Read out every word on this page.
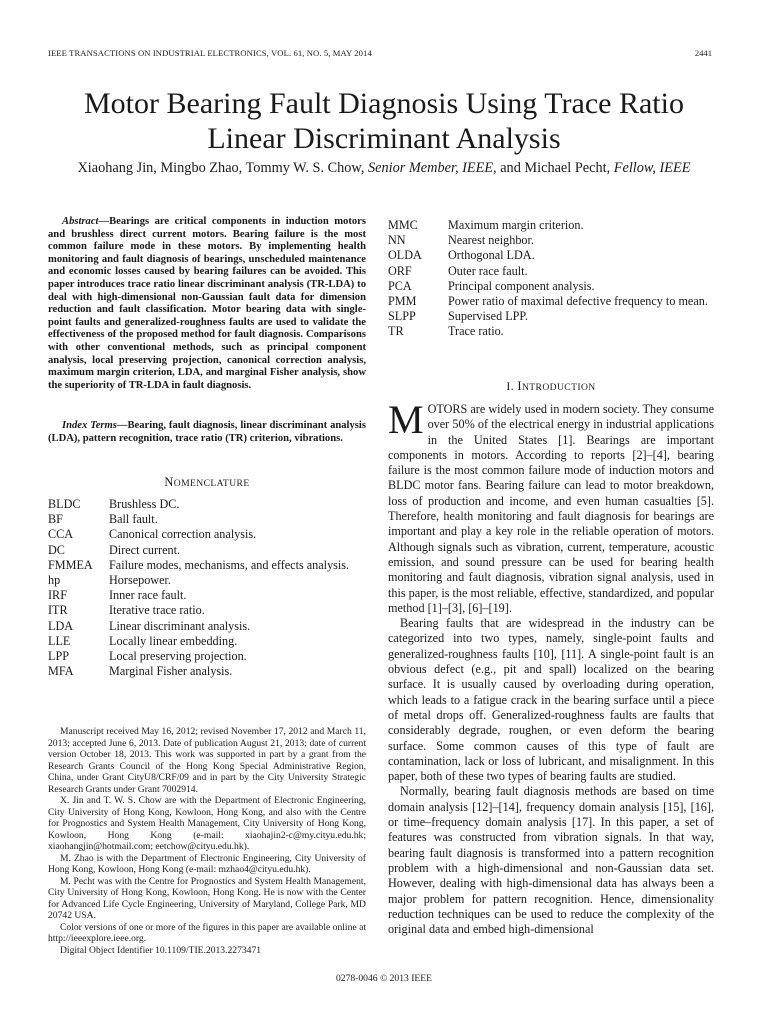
IEEE TRANSACTIONS ON INDUSTRIAL ELECTRONICS, VOL. 61, NO. 5, MAY 2014	2441
Motor Bearing Fault Diagnosis Using Trace Ratio
Linear Discriminant Analysis
Xiaohang Jin, Mingbo Zhao, Tommy W. S. Chow, Senior Member, IEEE, and Michael Pecht, Fellow, IEEE
Abstract—Bearings are critical components in induction motors and brushless direct current motors. Bearing failure is the most common failure mode in these motors. By implementing health monitoring and fault diagnosis of bearings, unscheduled maintenance and economic losses caused by bearing failures can be avoided. This paper introduces trace ratio linear discriminant analysis (TR-LDA) to deal with high-dimensional non-Gaussian fault data for dimension reduction and fault classification. Motor bearing data with single-point faults and generalized-roughness faults are used to validate the effectiveness of the proposed method for fault diagnosis. Comparisons with other conventional methods, such as principal component analysis, local preserving projection, canonical correction analysis, maximum margin criterion, LDA, and marginal Fisher analysis, show the superiority of TR-LDA in fault diagnosis.
Index Terms—Bearing, fault diagnosis, linear discriminant analysis (LDA), pattern recognition, trace ratio (TR) criterion, vibrations.
NOMENCLATURE
BLDC	Brushless DC.
BF	Ball fault.
CCA	Canonical correction analysis.
DC	Direct current.
FMMEA	Failure modes, mechanisms, and effects analysis.
hp	Horsepower.
IRF	Inner race fault.
ITR	Iterative trace ratio.
LDA	Linear discriminant analysis.
LLE	Locally linear embedding.
LPP	Local preserving projection.
MFA	Marginal Fisher analysis.

Manuscript received May 16, 2012; revised November 17, 2012 and March 11, 2013; accepted June 6, 2013. Date of publication August 21, 2013; date of current version October 18, 2013. This work was supported in part by a grant from the Research Grants Council of the Hong Kong Special Administrative Region, China, under Grant CityU8/CRF/09 and in part by the City University Strategic Research Grants under Grant 7002914.

X. Jin and T. W. S. Chow are with the Department of Electronic Engineering, City University of Hong Kong, Kowloon, Hong Kong, and also with the Centre for Prognostics and System Health Management, City University of Hong Kong, Kowloon, Hong Kong (e-mail: xiaohajin2-c@my.cityu.edu.hk; xiaohangjin@hotmail.com; eetchow@cityu.edu.hk).

M. Zhao is with the Department of Electronic Engineering, City University of Hong Kong, Kowloon, Hong Kong (e-mail: mzhao4@cityu.edu.hk).

M. Pecht was with the Centre for Prognostics and System Health Management, City University of Hong Kong, Kowloon, Hong Kong. He is now with the Center for Advanced Life Cycle Engineering, University of Maryland, College Park, MD 20742 USA.

Color versions of one or more of the figures in this paper are available online at http://ieeexplore.ieee.org.

Digital Object Identifier 10.1109/TIE.2013.2273471

MMC	Maximum margin criterion.
NN	Nearest neighbor.
OLDA	Orthogonal LDA.
ORF	Outer race fault.
PCA	Principal component analysis.
PMM	Power ratio of maximal defective frequency to mean.
SLPP	Supervised LPP.
TR	Trace ratio.
I. INTRODUCTION

MOTORS are widely used in modern society. They consume over 50% of the electrical energy in industrial applications in the United States [1]. Bearings are important components in motors. According to reports [2]–[4], bearing failure is the most common failure mode of induction motors and BLDC motor fans. Bearing failure can lead to motor breakdown, loss of production and income, and even human casualties [5]. Therefore, health monitoring and fault diagnosis for bearings are important and play a key role in the reliable operation of motors. Although signals such as vibration, current, temperature, acoustic emission, and sound pressure can be used for bearing health monitoring and fault diagnosis, vibration signal analysis, used in this paper, is the most reliable, effective, standardized, and popular method [1]–[3], [6]–[19].

Bearing faults that are widespread in the industry can be categorized into two types, namely, single-point faults and generalized-roughness faults [10], [11]. A single-point fault is an obvious defect (e.g., pit and spall) localized on the bearing surface. It is usually caused by overloading during operation, which leads to a fatigue crack in the bearing surface until a piece of metal drops off. Generalized-roughness faults are faults that considerably degrade, roughen, or even deform the bearing surface. Some common causes of this type of fault are contamination, lack or loss of lubricant, and misalignment. In this paper, both of these two types of bearing faults are studied.

Normally, bearing fault diagnosis methods are based on time domain analysis [12]–[14], frequency domain analysis [15], [16], or time–frequency domain analysis [17]. In this paper, a set of features was constructed from vibration signals. In that way, bearing fault diagnosis is transformed into a pattern recognition problem with a high-dimensional and non-Gaussian data set. However, dealing with high-dimensional data has always been a major problem for pattern recognition. Hence, dimensionality reduction techniques can be used to reduce the complexity of the original data and embed high-dimensional

0278-0046 © 2013 IEEE
